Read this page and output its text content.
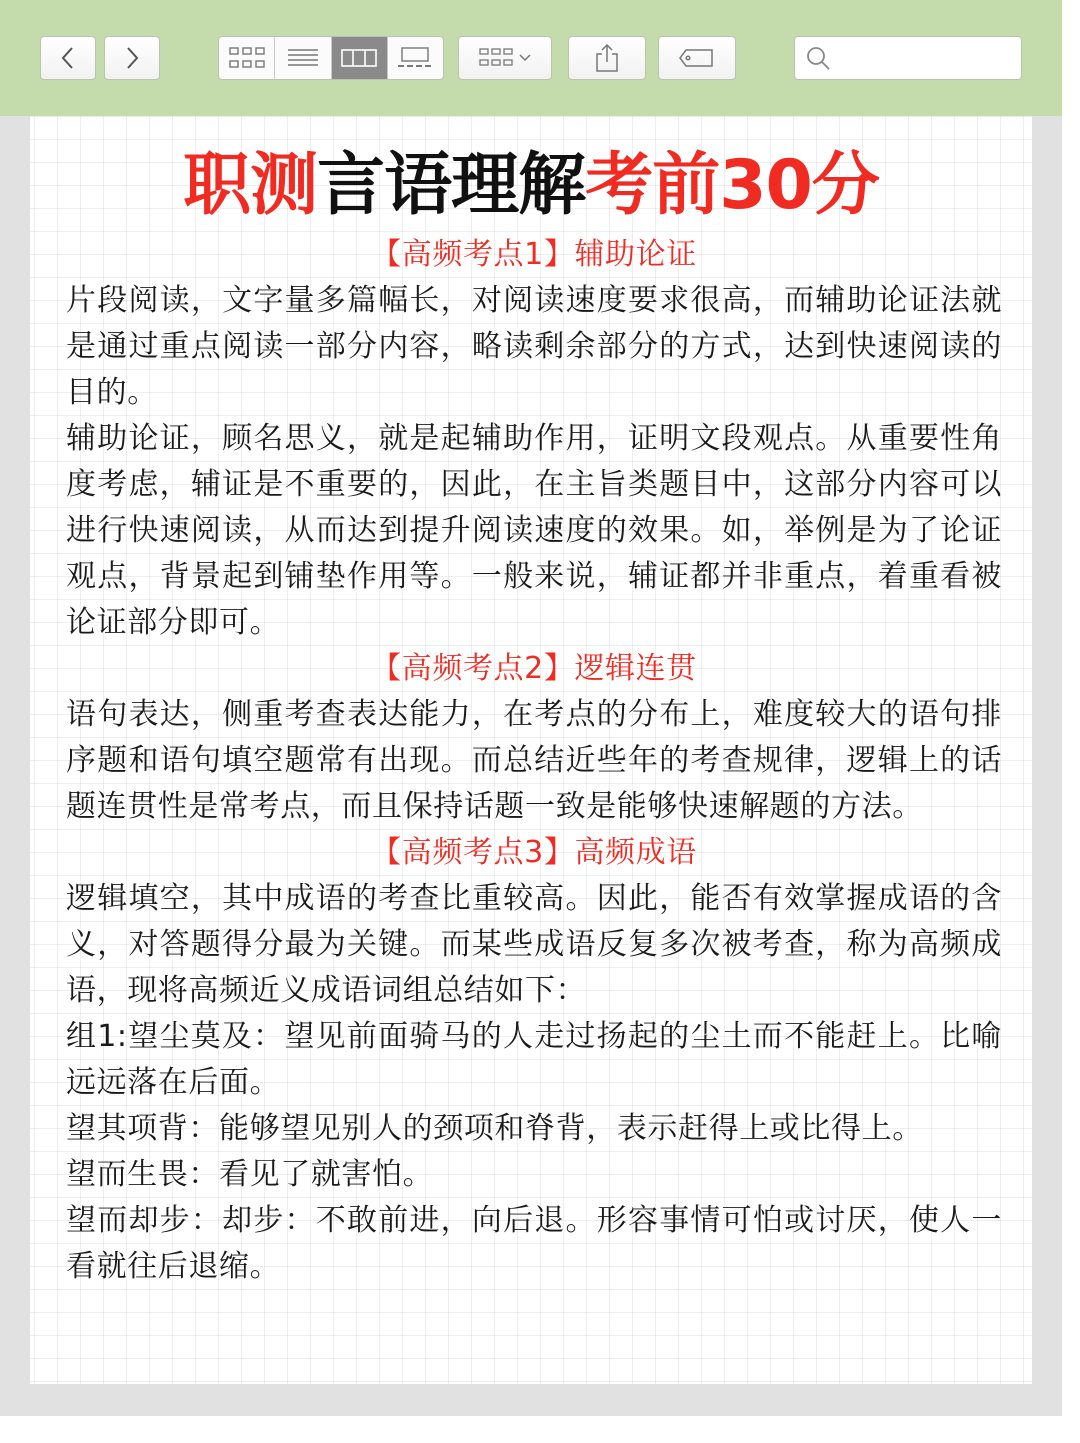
职测言语理解考前30分
【高频考点1】辅助论证

片段阅读，文字量多篇幅长，对阅读速度要求很高，而辅助论证法就是通过重点阅读一部分内容，略读剩余部分的方式，达到快速阅读的目的。

辅助论证，顾名思义，就是起辅助作用，证明文段观点。从重要性角度考虑，辅证是不重要的，因此，在主旨类题目中，这部分内容可以进行快速阅读，从而达到提升阅读速度的效果。如，举例是为了论证观点，背景起到铺垫作用等。一般来说，辅证都并非重点，着重看被论证部分即可。

【高频考点2】逻辑连贯

语句表达，侧重考查表达能力，在考点的分布上，难度较大的语句排序题和语句填空题常有出现。而总结近些年的考查规律，逻辑上的话题连贯性是常考点，而且保持话题一致是能够快速解题的方法。

【高频考点3】高频成语

逻辑填空，其中成语的考查比重较高。因此，能否有效掌握成语的含义，对答题得分最为关键。而某些成语反复多次被考查，称为高频成语，现将高频近义成语词组总结如下：

组1:望尘莫及：望见前面骑马的人走过扬起的尘土而不能赶上。比喻远远落在后面。

望其项背：能够望见别人的颈项和脊背，表示赶得上或比得上。

望而生畏：看见了就害怕。

望而却步：却步：不敢前进，向后退。形容事情可怕或讨厌，使人一看就往后退缩。
